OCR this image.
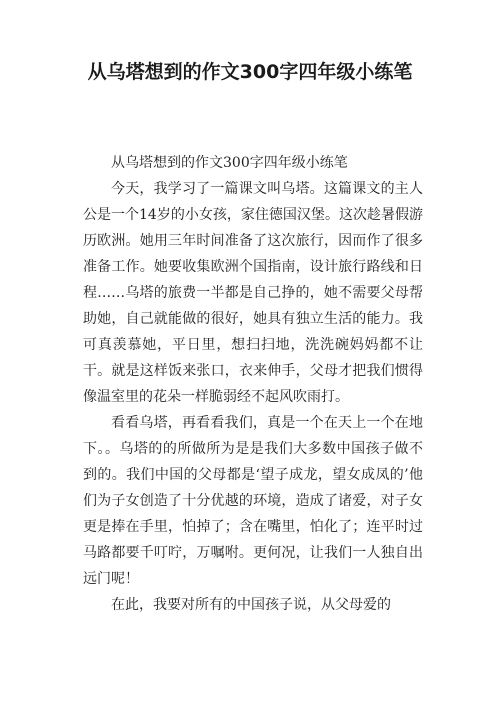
从乌塔想到的作文300字四年级小练笔

从乌塔想到的作文300字四年级小练笔

今天，我学习了一篇课文叫乌塔。这篇课文的主人公是一个14岁的小女孩，家住德国汉堡。这次趁暑假游历欧洲。她用三年时间准备了这次旅行，因而作了很多准备工作。她要收集欧洲个国指南，设计旅行路线和日程……乌塔的旅费一半都是自己挣的，她不需要父母帮助她，自己就能做的很好，她具有独立生活的能力。我可真羡慕她，平日里，想扫扫地，洗洗碗妈妈都不让干。就是这样饭来张口，衣来伸手，父母才把我们惯得像温室里的花朵一样脆弱经不起风吹雨打。

看看乌塔，再看看我们，真是一个在天上一个在地下。。乌塔的的所做所为是是我们大多数中国孩子做不到的。我们中国的父母都是‘望子成龙，望女成凤的’他们为子女创造了十分优越的环境，造成了诸爱，对子女更是捧在手里，怕掉了；含在嘴里，怕化了；连平时过马路都要千叮咛，万嘱咐。更何况，让我们一人独自出远门呢！

在此，我要对所有的中国孩子说，从父母爱的
